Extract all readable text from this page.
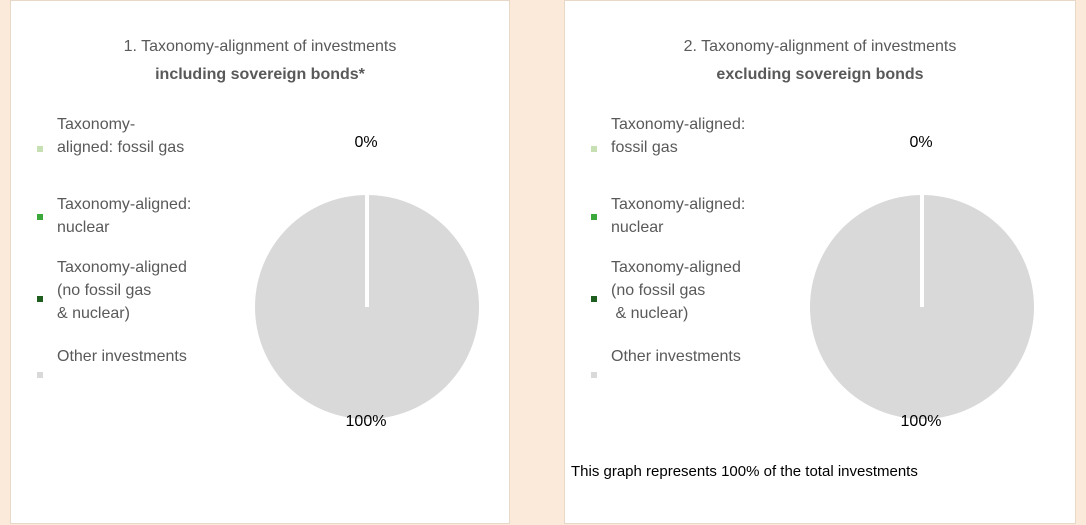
1. Taxonomy-alignment of investments
including sovereign bonds*
Taxonomy-
aligned: fossil gas
Taxonomy-aligned:
nuclear
Taxonomy-aligned
(no fossil gas
& nuclear)
Other investments
0%
100%
2. Taxonomy-alignment of investments
excluding sovereign bonds
Taxonomy-aligned:
fossil gas
Taxonomy-aligned:
nuclear
Taxonomy-aligned
(no fossil gas
& nuclear)
Other investments
0%
100%
This graph represents 100% of the total investments
